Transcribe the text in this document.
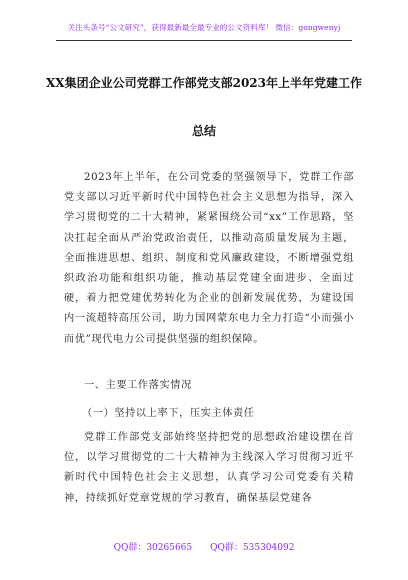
关注头条号“公文研究”，获得最新最全最专业的公文资料库！ 微信：gongwenyj
XX集团企业公司党群工作部党支部2023年上半年党建工作
总结
2023年上半年，在公司党委的坚强领导下，党群工作部党支部以习近平新时代中国特色社会主义思想为指导，深入学习贯彻党的二十大精神，紧紧围绕公司“xx”工作思路，坚决扛起全面从严治党政治责任，以推动高质量发展为主题，全面推进思想、组织、制度和党风廉政建设，不断增强党组织政治功能和组织功能，推动基层党建全面进步、全面过硬，着力把党建优势转化为企业的创新发展优势，为建设国内一流超特高压公司，助力国网蒙东电力全力打造“小而强小而优”现代电力公司提供坚强的组织保障。
一、主要工作落实情况
（一）坚持以上率下，压实主体责任
党群工作部党支部始终坚持把党的思想政治建设摆在首位，以学习贯彻党的二十大精神为主线深入学习贯彻习近平新时代中国特色社会主义思想，认真学习公司党委有关精神，持续抓好党章党规的学习教育，确保基层党建各
QQ群：30265665 QQ群：535304092
